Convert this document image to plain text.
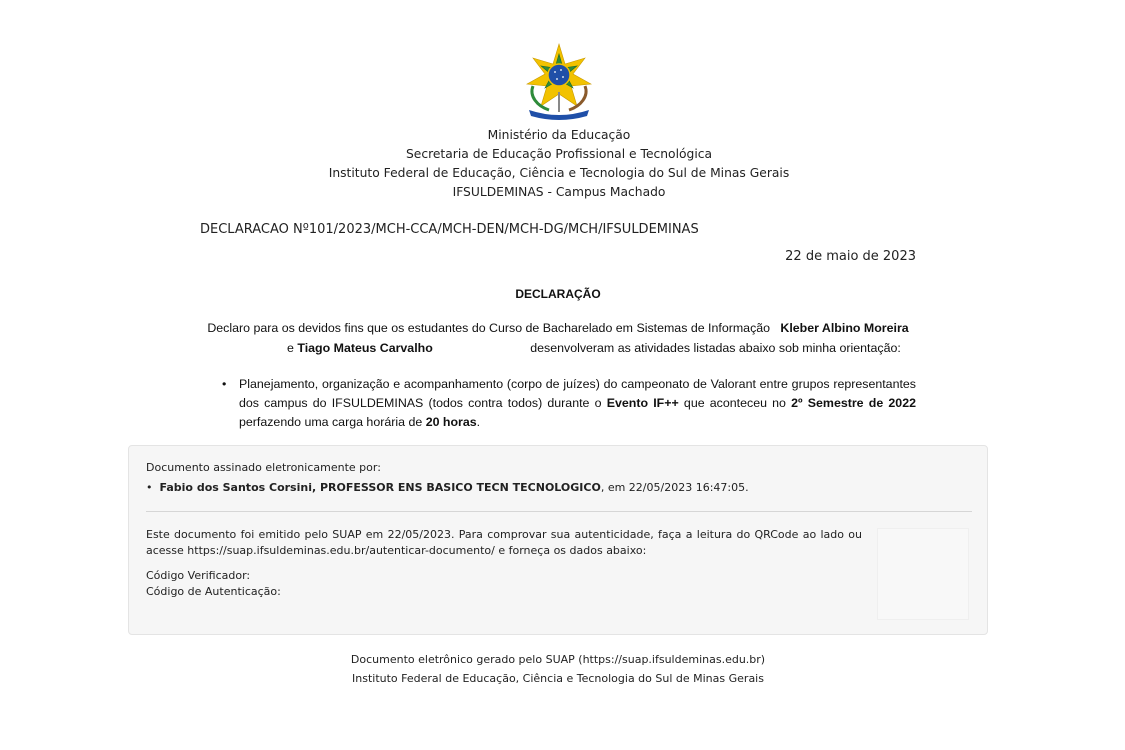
Ministério da Educação
Secretaria de Educação Profissional e Tecnológica
Instituto Federal de Educação, Ciência e Tecnologia do Sul de Minas Gerais
IFSULDEMINAS - Campus Machado
DECLARACAO Nº101/2023/MCH-CCA/MCH-DEN/MCH-DG/MCH/IFSULDEMINAS
22 de maio de 2023
DECLARAÇÃO
Declaro para os devidos fins que os estudantes do Curso de Bacharelado em Sistemas de Informação Kleber Albino Moreira
e Tiago Mateus Carvalho	desenvolveram as atividades listadas abaixo sob minha orientação:
• Planejamento, organização e acompanhamento (corpo de juízes) do campeonato de Valorant entre grupos representantes dos campus do IFSULDEMINAS (todos contra todos) durante o Evento IF++ que aconteceu no 2º Semestre de 2022 perfazendo uma carga horária de 20 horas.
Documento assinado eletronicamente por:
• Fabio dos Santos Corsini, PROFESSOR ENS BASICO TECN TECNOLOGICO, em 22/05/2023 16:47:05.
Este documento foi emitido pelo SUAP em 22/05/2023. Para comprovar sua autenticidade, faça a leitura do QRCode ao lado ou acesse https://suap.ifsuldeminas.edu.br/autenticar-documento/ e forneça os dados abaixo:
Código Verificador:
Código de Autenticação:
Documento eletrônico gerado pelo SUAP (https://suap.ifsuldeminas.edu.br)
Instituto Federal de Educação, Ciência e Tecnologia do Sul de Minas Gerais
